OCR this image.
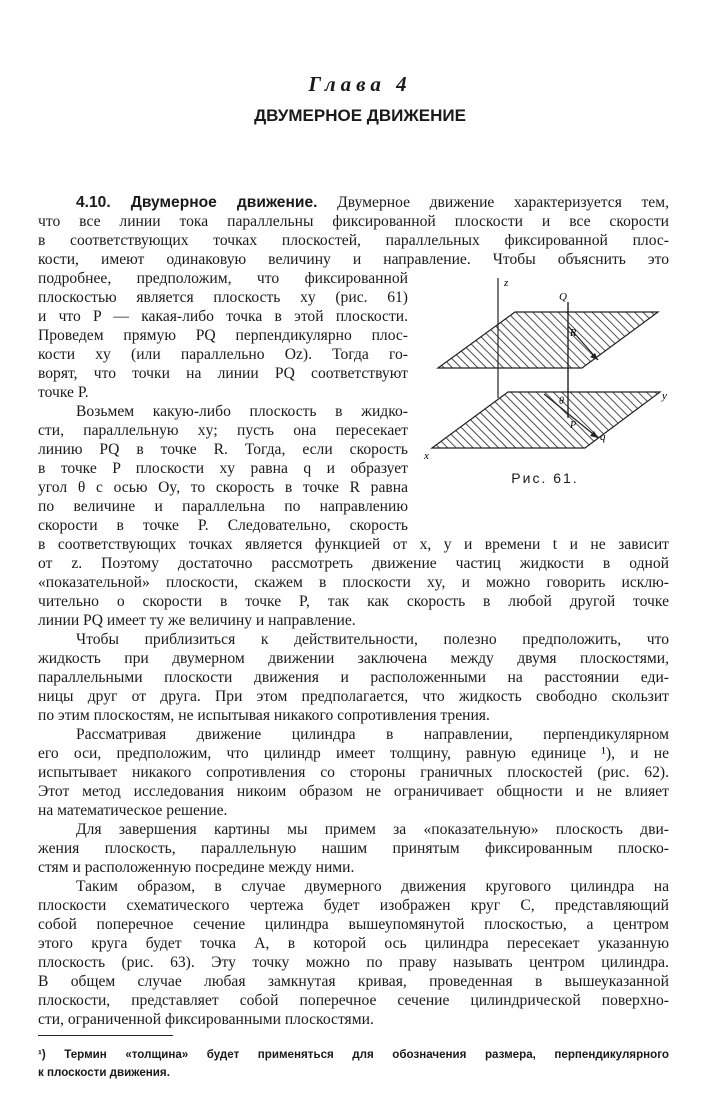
Глава 4
ДВУМЕРНОЕ ДВИЖЕНИЕ
4.10. Двумерное движение. Двумерное движение характеризуется тем,
что все линии тока параллельны фиксированной плоскости и все скорости
в соответствующих точках плоскостей, параллельных фиксированной плос-
кости, имеют одинаковую величину и направление. Чтобы объяснить это
подробнее, предположим, что фиксированной
плоскостью является плоскость xy (рис. 61)
и что P — какая-либо точка в этой плоскости.
Проведем прямую PQ перпендикулярно плос-
кости xy (или параллельно Oz). Тогда го-
ворят, что точки на линии PQ соответствуют
точке P.
Возьмем какую-либо плоскость в жидко-
сти, параллельную xy; пусть она пересекает
линию PQ в точке R. Тогда, если скорость
в точке P плоскости xy равна q и образует
угол θ с осью Oy, то скорость в точке R равна
по величине и параллельна по направлению
скорости в точке P. Следовательно, скорость
в соответствующих точках является функцией от x, y и времени t и не зависит
от z. Поэтому достаточно рассмотреть движение частиц жидкости в одной
«показательной» плоскости, скажем в плоскости xy, и можно говорить исклю-
чительно о скорости в точке P, так как скорость в любой другой точке
линии PQ имеет ту же величину и направление.
Чтобы приблизиться к действительности, полезно предположить, что
жидкость при двумерном движении заключена между двумя плоскостями,
параллельными плоскости движения и расположенными на расстоянии еди-
ницы друг от друга. При этом предполагается, что жидкость свободно скользит
по этим плоскостям, не испытывая никакого сопротивления трения.
Рассматривая движение цилиндра в направлении, перпендикулярном
его оси, предположим, что цилиндр имеет толщину, равную единице ¹), и не
испытывает никакого сопротивления со стороны граничных плоскостей (рис. 62).
Этот метод исследования никоим образом не ограничивает общности и не влияет
на математическое решение.
Для завершения картины мы примем за «показательную» плоскость дви-
жения плоскость, параллельную нашим принятым фиксированным плоско-
стям и расположенную посредине между ними.
Таким образом, в случае двумерного движения кругового цилиндра на
плоскости схематического чертежа будет изображен круг C, представляющий
собой поперечное сечение цилиндра вышеупомянутой плоскостью, а центром
этого круга будет точка A, в которой ось цилиндра пересекает указанную
плоскость (рис. 63). Эту точку можно по праву называть центром цилиндра.
В общем случае любая замкнутая кривая, проведенная в вышеуказанной
плоскости, представляет собой поперечное сечение цилиндрической поверхно-
сти, ограниченной фиксированными плоскостями.
z
Q
R
θ
q
P
y
x
Рис. 61.
¹) Термин «толщина» будет применяться для обозначения размера, перпендикулярного
к плоскости движения.
